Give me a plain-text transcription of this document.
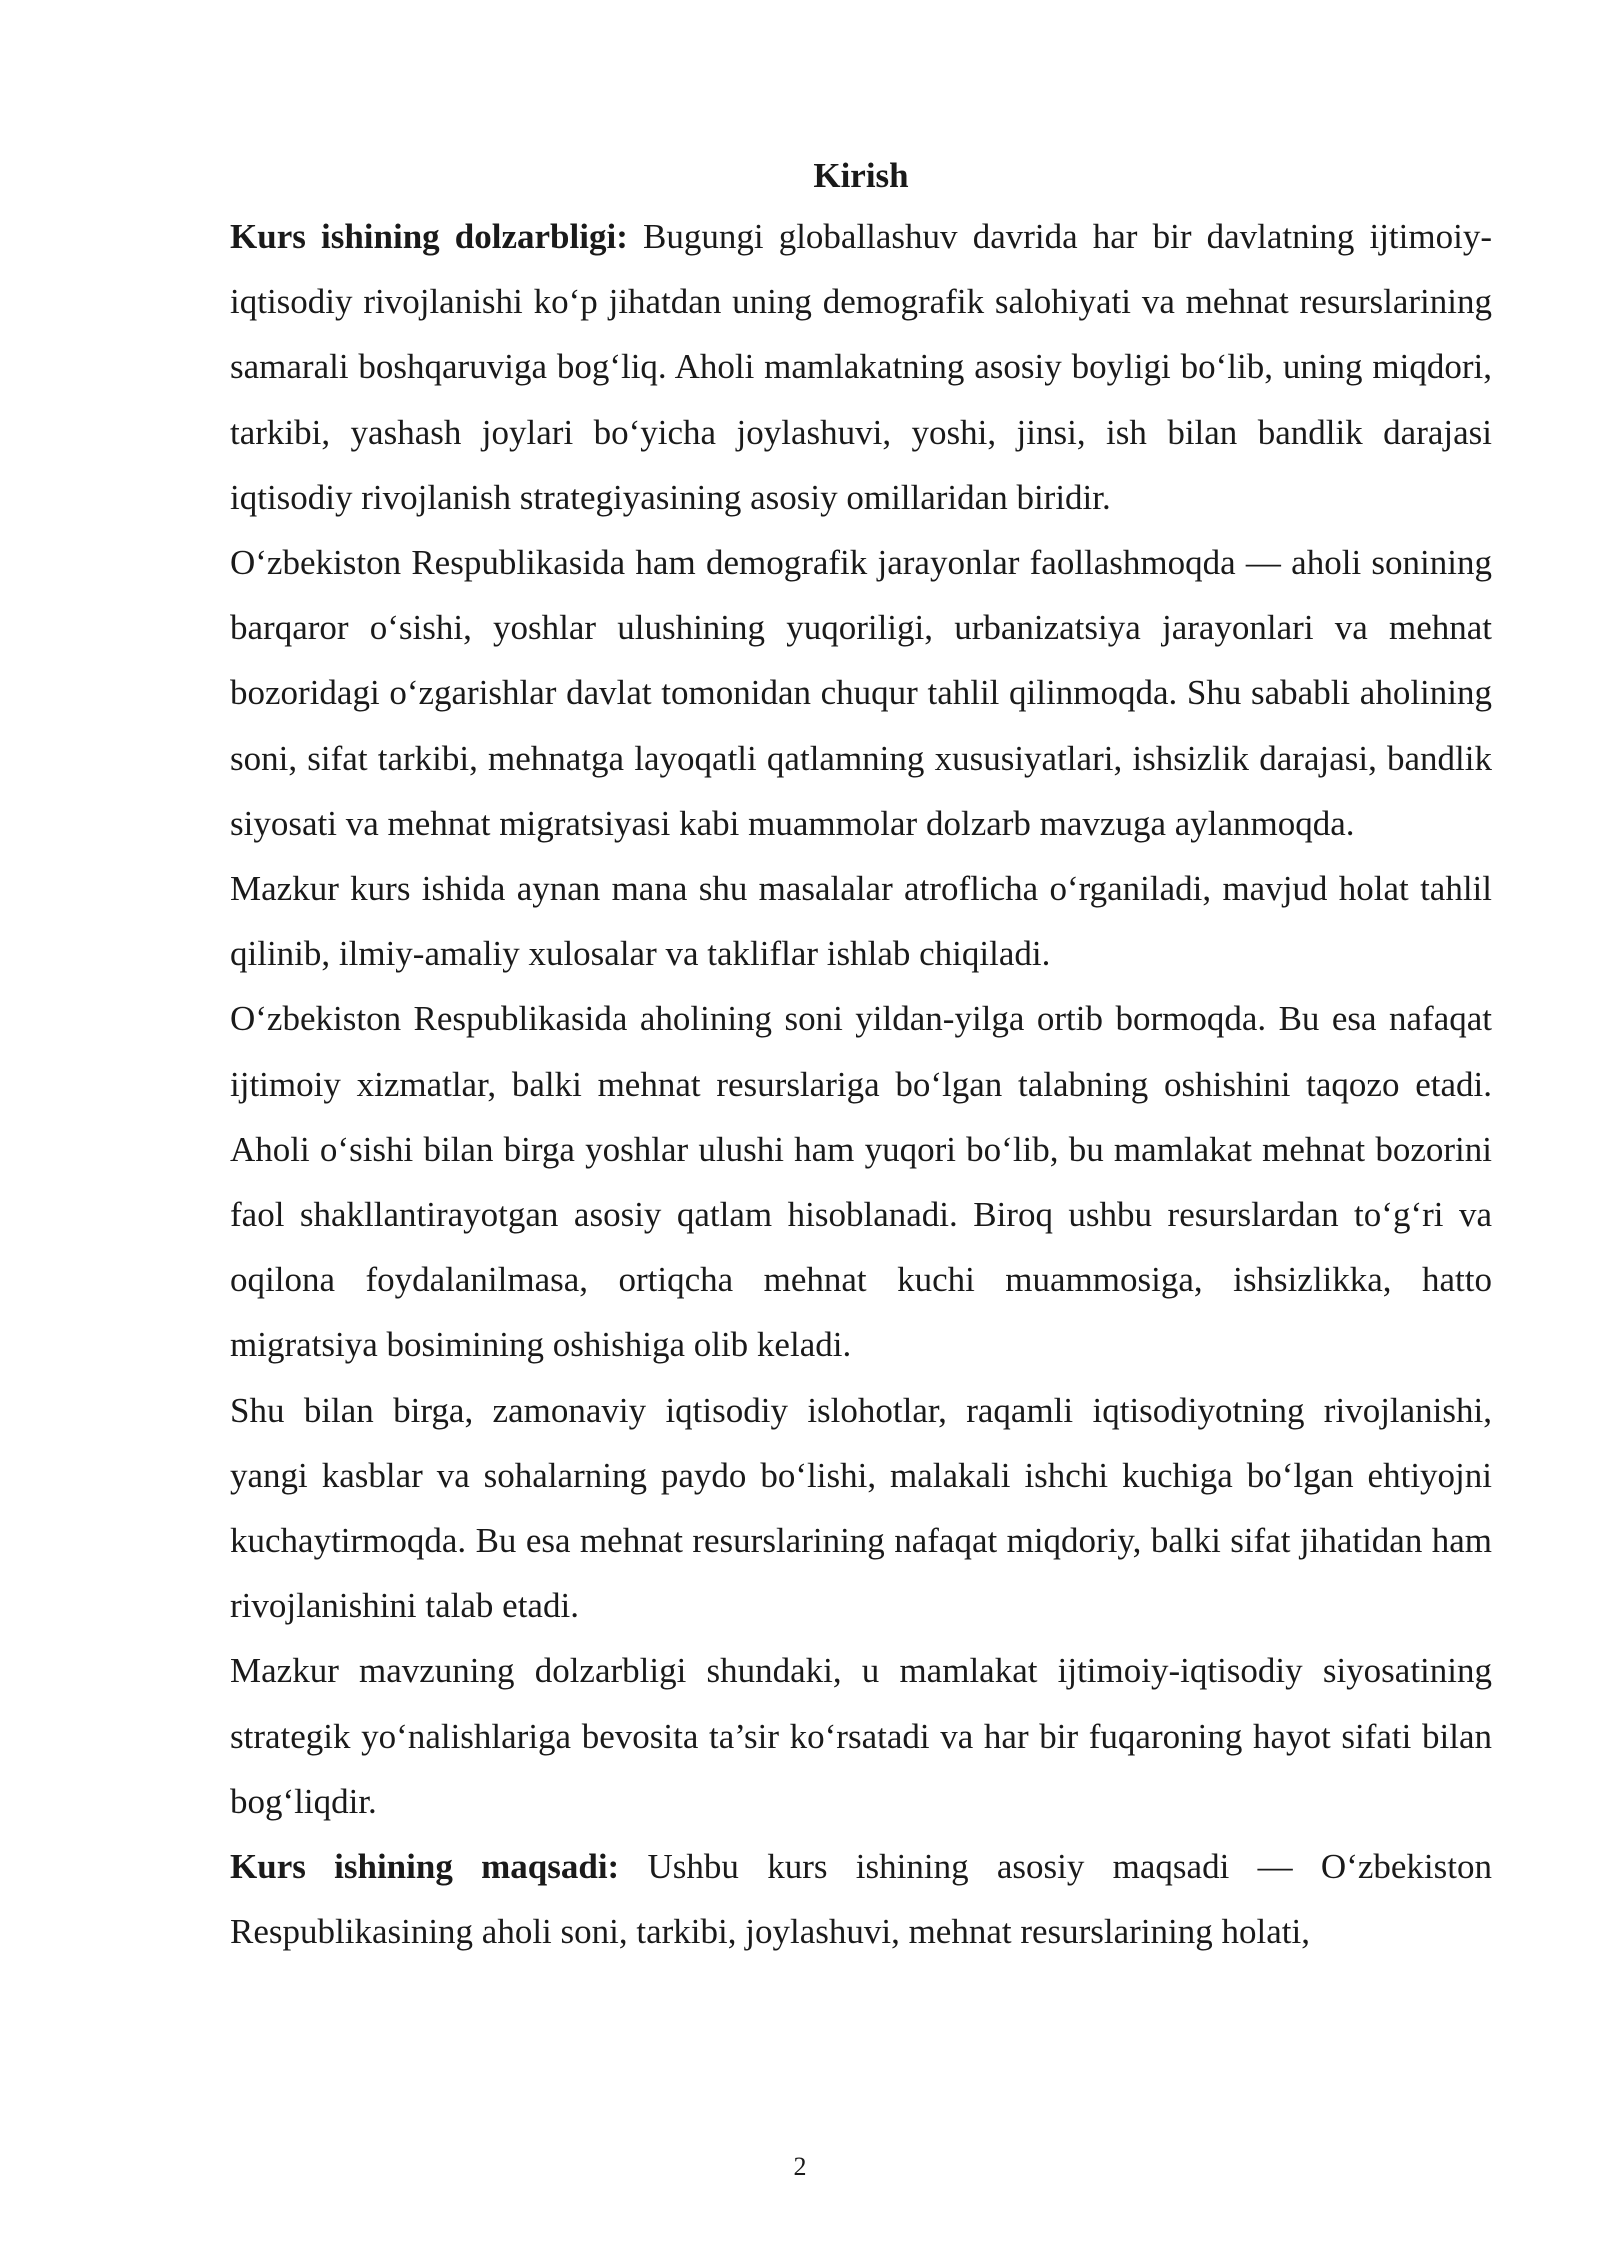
Kirish

Kurs ishining dolzarbligi: Bugungi globallashuv davrida har bir davlatning ijtimoiy-iqtisodiy rivojlanishi ko‘p jihatdan uning demografik salohiyati va mehnat resurslarining samarali boshqaruviga bog‘liq. Aholi mamlakatning asosiy boyligi bo‘lib, uning miqdori, tarkibi, yashash joylari bo‘yicha joylashuvi, yoshi, jinsi, ish bilan bandlik darajasi iqtisodiy rivojlanish strategiyasining asosiy omillaridan biridir.

O‘zbekiston Respublikasida ham demografik jarayonlar faollashmoqda — aholi sonining barqaror o‘sishi, yoshlar ulushining yuqoriligi, urbanizatsiya jarayonlari va mehnat bozoridagi o‘zgarishlar davlat tomonidan chuqur tahlil qilinmoqda. Shu sababli aholining soni, sifat tarkibi, mehnatga layoqatli qatlamning xususiyatlari, ishsizlik darajasi, bandlik siyosati va mehnat migratsiyasi kabi muammolar dolzarb mavzuga aylanmoqda.

Mazkur kurs ishida aynan mana shu masalalar atroflicha o‘rganiladi, mavjud holat tahlil qilinib, ilmiy-amaliy xulosalar va takliflar ishlab chiqiladi.

O‘zbekiston Respublikasida aholining soni yildan-yilga ortib bormoqda. Bu esa nafaqat ijtimoiy xizmatlar, balki mehnat resurslariga bo‘lgan talabning oshishini taqozo etadi. Aholi o‘sishi bilan birga yoshlar ulushi ham yuqori bo‘lib, bu mamlakat mehnat bozorini faol shakllantirayotgan asosiy qatlam hisoblanadi. Biroq ushbu resurslardan to‘g‘ri va oqilona foydalanilmasa, ortiqcha mehnat kuchi muammosiga, ishsizlikka, hatto migratsiya bosimining oshishiga olib keladi.

Shu bilan birga, zamonaviy iqtisodiy islohotlar, raqamli iqtisodiyotning rivojlanishi, yangi kasblar va sohalarning paydo bo‘lishi, malakali ishchi kuchiga bo‘lgan ehtiyojni kuchaytirmoqda. Bu esa mehnat resurslarining nafaqat miqdoriy, balki sifat jihatidan ham rivojlanishini talab etadi.

Mazkur mavzuning dolzarbligi shundaki, u mamlakat ijtimoiy-iqtisodiy siyosatining strategik yo‘nalishlariga bevosita ta’sir ko‘rsatadi va har bir fuqaroning hayot sifati bilan bog‘liqdir.

Kurs ishining maqsadi: Ushbu kurs ishining asosiy maqsadi — O‘zbekiston Respublikasining aholi soni, tarkibi, joylashuvi, mehnat resurslarining holati,

2
